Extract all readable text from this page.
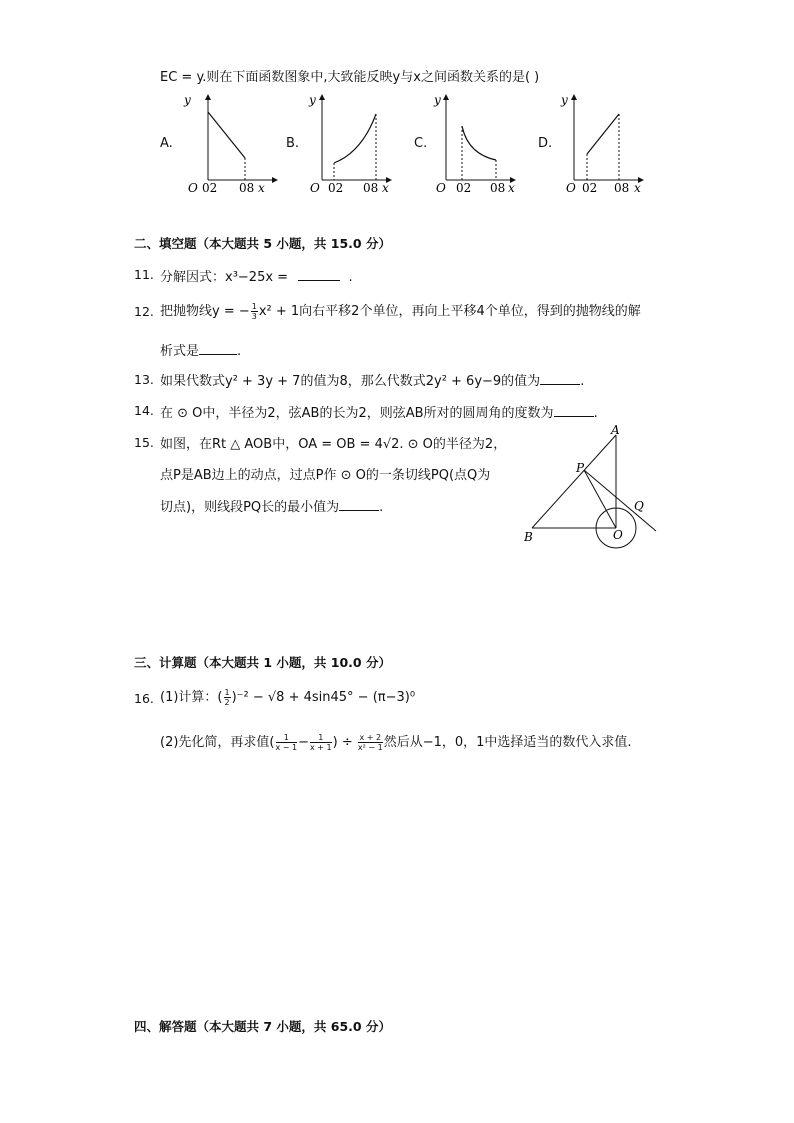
EC = y.则在下面函数图象中,大致能反映y与x之间函数关系的是( )
A.
O 02 08 x
y
B.
O 02 08 x
y
C.
O 02 08 x
y
D.
O 02 08 x
y
二、填空题（本大题共 5 小题，共 15.0 分）
11. 分解因式：x³−25x =	.
12. 把抛物线y = − $\frac{1}{3} x^2 + 1$向右平移2个单位，再向上平移4个单位，得到的抛物线的解
析式是	.
13. 如果代数式y² + 3y + 7的值为8，那么代数式2y² + 6y−9的值为	.
14. 在 ⊙ O中，半径为2，弦AB的长为2，则弦AB所对的圆周角的度数为	.
15. 如图，在Rt △ AOB中，OA = OB = 4√2. ⊙ O的半径为2，
点P是AB边上的动点，过点P作 ⊙ O的一条切线PQ(点Q为
切点)，则线段PQ长的最小值为	.
A
B	O
P
Q
三、计算题（本大题共 1 小题，共 10.0 分）
16. (1)计算：( $\frac{1}{2} )^{-2} - √8 + 4\sin 45^\circ - (\pi-3)^0$
(2)先化简，再求值( $\frac{1}{x - 1} - \frac{1}{x + 1}$ ) ÷ $\frac{x + 2}{\text{x² − 1}}$ 然后从−1，0，1中选择适当的数代入求值.
四、解答题（本大题共 7 小题，共 65.0 分）
